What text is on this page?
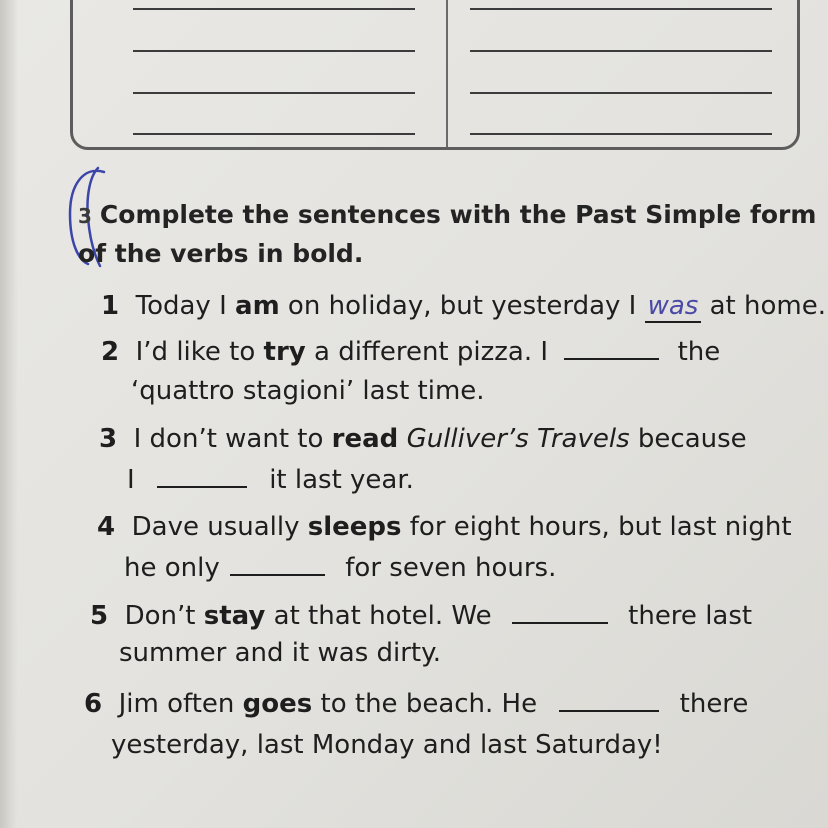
3 Complete the sentences with the Past Simple form
of the verbs in bold.
1 Today I am on holiday, but yesterday I was at home.
2 I’d like to try a different pizza. I	the
‘quattro stagioni’ last time.
3 I don’t want to read Gulliver’s Travels because
I	it last year.
4 Dave usually sleeps for eight hours, but last night
he only	for seven hours.
5 Don’t stay at that hotel. We	there last
summer and it was dirty.
6 Jim often goes to the beach. He	there
yesterday, last Monday and last Saturday!
